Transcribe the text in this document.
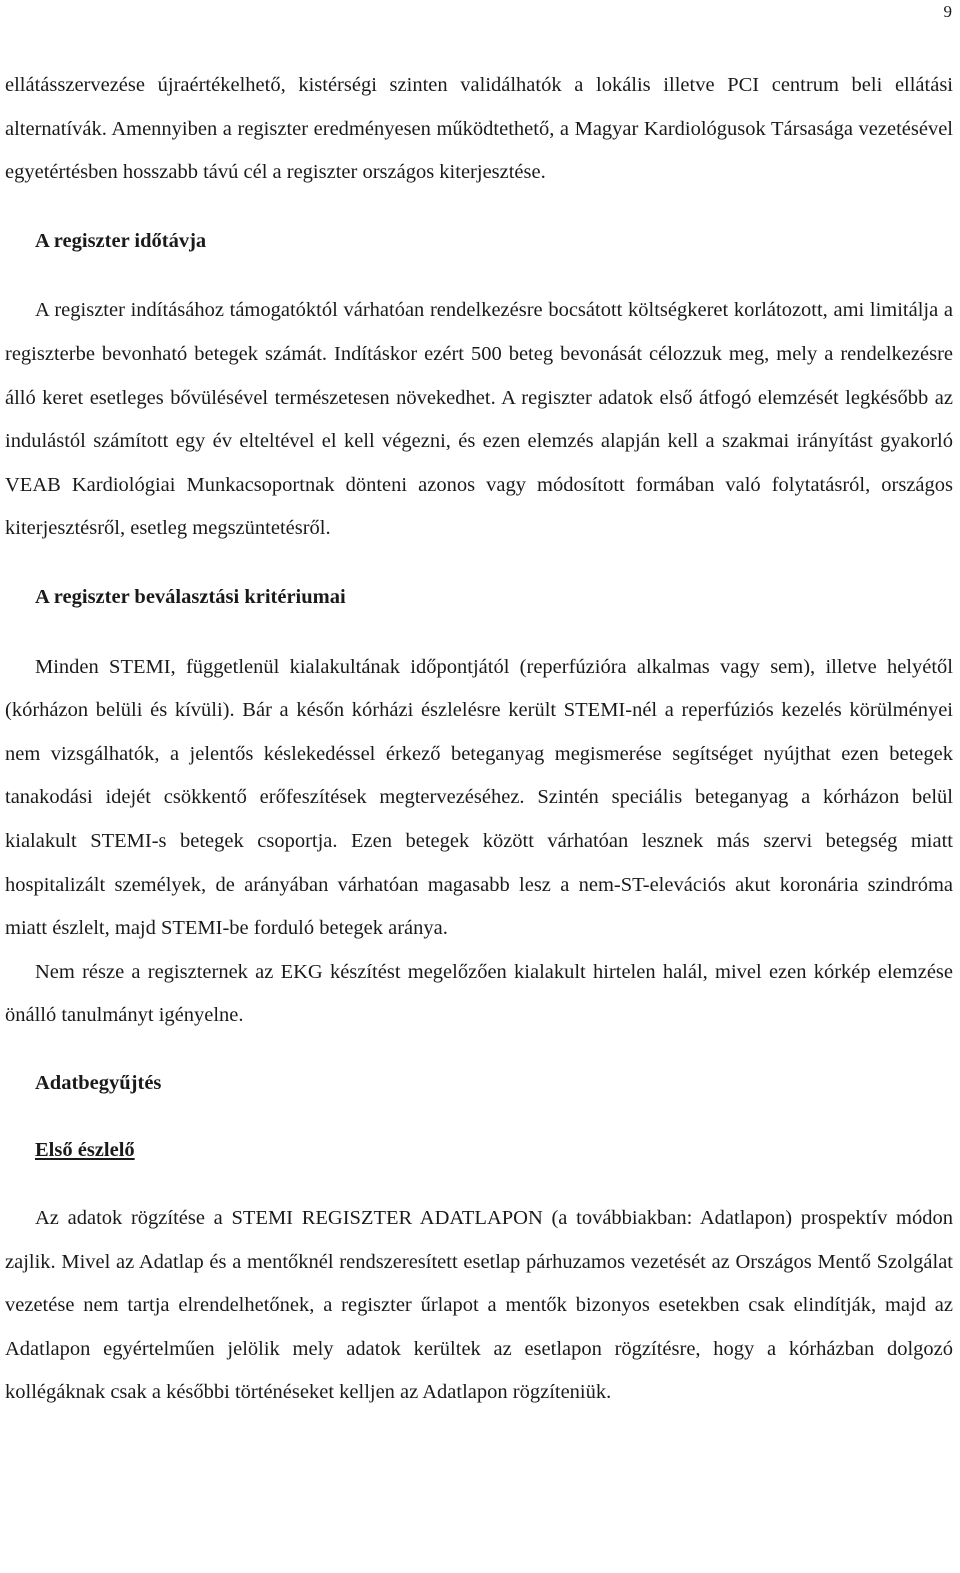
9

ellátásszervezése újraértékelhető, kistérségi szinten validálhatók a lokális illetve PCI centrum beli ellátási alternatívák. Amennyiben a regiszter eredményesen működtethető, a Magyar Kardiológusok Társasága vezetésével egyetértésben hosszabb távú cél a regiszter országos kiterjesztése.

A regiszter időtávja

A regiszter indításához támogatóktól várhatóan rendelkezésre bocsátott költségkeret korlátozott, ami limitálja a regiszterbe bevonható betegek számát. Indításkor ezért 500 beteg bevonását célozzuk meg, mely a rendelkezésre álló keret esetleges bővülésével természetesen növekedhet. A regiszter adatok első átfogó elemzését legkésőbb az indulástól számított egy év elteltével el kell végezni, és ezen elemzés alapján kell a szakmai irányítást gyakorló VEAB Kardiológiai Munkacsoportnak dönteni azonos vagy módosított formában való folytatásról, országos kiterjesztésről, esetleg megszüntetésről.

A regiszter beválasztási kritériumai

Minden STEMI, függetlenül kialakultának időpontjától (reperfúzióra alkalmas vagy sem), illetve helyétől (kórházon belüli és kívüli). Bár a későn kórházi észlelésre került STEMI-nél a reperfúziós kezelés körülményei nem vizsgálhatók, a jelentős késlekedéssel érkező beteganyag megismerése segítséget nyújthat ezen betegek tanakodási idejét csökkentő erőfeszítések megtervezéséhez. Szintén speciális beteganyag a kórházon belül kialakult STEMI-s betegek csoportja. Ezen betegek között várhatóan lesznek más szervi betegség miatt hospitalizált személyek, de arányában várhatóan magasabb lesz a nem-ST-elevációs akut koronária szindróma miatt észlelt, majd STEMI-be forduló betegek aránya.

Nem része a regiszternek az EKG készítést megelőzően kialakult hirtelen halál, mivel ezen kórkép elemzése önálló tanulmányt igényelne.

Adatbegyűjtés
Első észlelő

Az adatok rögzítése a STEMI REGISZTER ADATLAPON (a továbbiakban: Adatlapon) prospektív módon zajlik. Mivel az Adatlap és a mentőknél rendszeresített esetlap párhuzamos vezetését az Országos Mentő Szolgálat vezetése nem tartja elrendelhetőnek, a regiszter űrlapot a mentők bizonyos esetekben csak elindítják, majd az Adatlapon egyértelműen jelölik mely adatok kerültek az esetlapon rögzítésre, hogy a kórházban dolgozó kollégáknak csak a későbbi történéseket kelljen az Adatlapon rögzíteniük.
